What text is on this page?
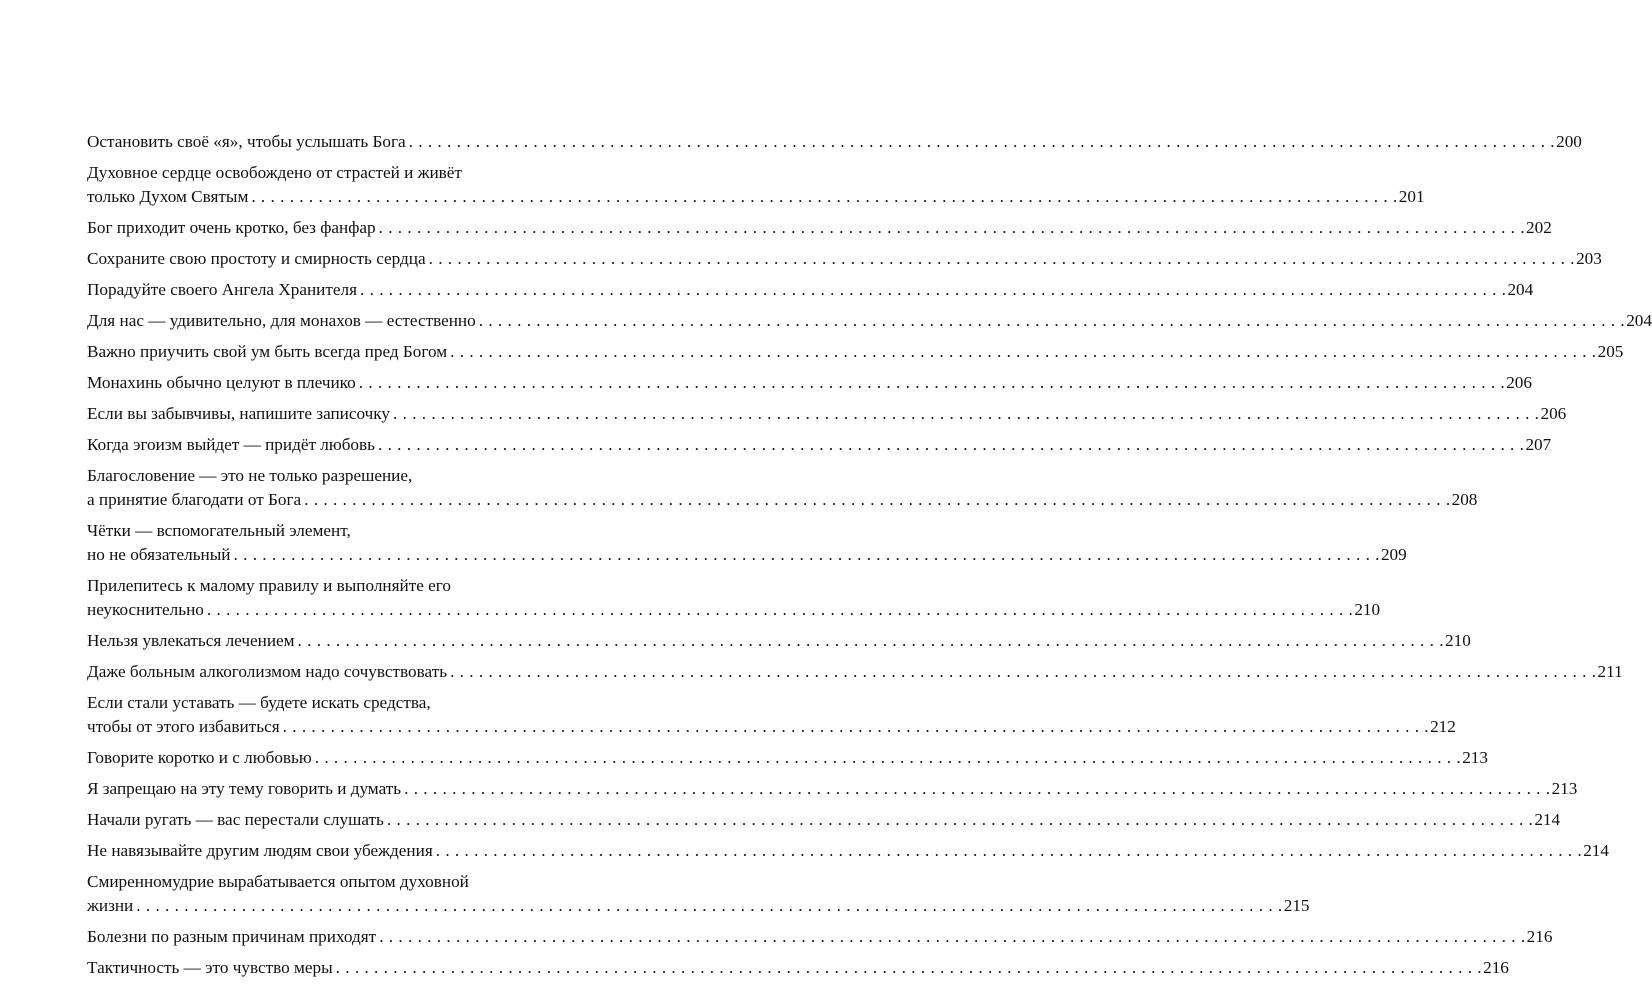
Остановить своё «я», чтобы услышать Бога . . . . . . . . . . . . . . . . . . . . . . . . . . . . . . . . . . . . . . . . . . . . . . . . . . . . . . . . . . . . . . . . . . . . . . . . . . . . . . . . . . . . . . . . . . . . . . . . . . . . . . . . . . . . . . . . . . . . . . . . 200
Духовное сердце освобождено от страстей и живёт
только Духом Святым . . . . . . . . . . . . . . . . . . . . . . . . . . . . . . . . . . . . . . . . . . . . . . . . . . . . . . . . . . . . . . . . . . . . . . . . . . . . . . . . . . . . . . . . . . . . . . . . . . . . . . . . . . . . . . . . . . . . . . . . 201
Бог приходит очень кротко, без фанфар . . . . . . . . . . . . . . . . . . . . . . . . . . . . . . . . . . . . . . . . . . . . . . . . . . . . . . . . . . . . . . . . . . . . . . . . . . . . . . . . . . . . . . . . . . . . . . . . . . . . . . . . . . . . . . . . . . . . . . . . 202
Сохраните свою простоту и смирность сердца . . . . . . . . . . . . . . . . . . . . . . . . . . . . . . . . . . . . . . . . . . . . . . . . . . . . . . . . . . . . . . . . . . . . . . . . . . . . . . . . . . . . . . . . . . . . . . . . . . . . . . . . . . . . . . . . . . . . . . . . 203
Порадуйте своего Ангела Хранителя . . . . . . . . . . . . . . . . . . . . . . . . . . . . . . . . . . . . . . . . . . . . . . . . . . . . . . . . . . . . . . . . . . . . . . . . . . . . . . . . . . . . . . . . . . . . . . . . . . . . . . . . . . . . . . . . . . . . . . . . 204
Для нас — удивительно, для монахов — естественно . . . . . . . . . . . . . . . . . . . . . . . . . . . . . . . . . . . . . . . . . . . . . . . . . . . . . . . . . . . . . . . . . . . . . . . . . . . . . . . . . . . . . . . . . . . . . . . . . . . . . . . . . . . . . . . . . . . . . . . . 204
Важно приучить свой ум быть всегда пред Богом . . . . . . . . . . . . . . . . . . . . . . . . . . . . . . . . . . . . . . . . . . . . . . . . . . . . . . . . . . . . . . . . . . . . . . . . . . . . . . . . . . . . . . . . . . . . . . . . . . . . . . . . . . . . . . . . . . . . . . . . 205
Монахинь обычно целуют в плечико . . . . . . . . . . . . . . . . . . . . . . . . . . . . . . . . . . . . . . . . . . . . . . . . . . . . . . . . . . . . . . . . . . . . . . . . . . . . . . . . . . . . . . . . . . . . . . . . . . . . . . . . . . . . . . . . . . . . . . . . 206
Если вы забывчивы, напишите записочку . . . . . . . . . . . . . . . . . . . . . . . . . . . . . . . . . . . . . . . . . . . . . . . . . . . . . . . . . . . . . . . . . . . . . . . . . . . . . . . . . . . . . . . . . . . . . . . . . . . . . . . . . . . . . . . . . . . . . . . . 206
Когда эгоизм выйдет — придёт любовь . . . . . . . . . . . . . . . . . . . . . . . . . . . . . . . . . . . . . . . . . . . . . . . . . . . . . . . . . . . . . . . . . . . . . . . . . . . . . . . . . . . . . . . . . . . . . . . . . . . . . . . . . . . . . . . . . . . . . . . . 207
Благословение — это не только разрешение,
а принятие благодати от Бога . . . . . . . . . . . . . . . . . . . . . . . . . . . . . . . . . . . . . . . . . . . . . . . . . . . . . . . . . . . . . . . . . . . . . . . . . . . . . . . . . . . . . . . . . . . . . . . . . . . . . . . . . . . . . . . . . . . . . . . . 208
Чётки — вспомогательный элемент,
но не обязательный . . . . . . . . . . . . . . . . . . . . . . . . . . . . . . . . . . . . . . . . . . . . . . . . . . . . . . . . . . . . . . . . . . . . . . . . . . . . . . . . . . . . . . . . . . . . . . . . . . . . . . . . . . . . . . . . . . . . . . . . 209
Прилепитесь к малому правилу и выполняйте его
неукоснительно . . . . . . . . . . . . . . . . . . . . . . . . . . . . . . . . . . . . . . . . . . . . . . . . . . . . . . . . . . . . . . . . . . . . . . . . . . . . . . . . . . . . . . . . . . . . . . . . . . . . . . . . . . . . . . . . . . . . . . . . 210
Нельзя увлекаться лечением . . . . . . . . . . . . . . . . . . . . . . . . . . . . . . . . . . . . . . . . . . . . . . . . . . . . . . . . . . . . . . . . . . . . . . . . . . . . . . . . . . . . . . . . . . . . . . . . . . . . . . . . . . . . . . . . . . . . . . . . 210
Даже больным алкоголизмом надо сочувствовать . . . . . . . . . . . . . . . . . . . . . . . . . . . . . . . . . . . . . . . . . . . . . . . . . . . . . . . . . . . . . . . . . . . . . . . . . . . . . . . . . . . . . . . . . . . . . . . . . . . . . . . . . . . . . . . . . . . . . . . . 211
Если стали уставать — будете искать средства,
чтобы от этого избавиться . . . . . . . . . . . . . . . . . . . . . . . . . . . . . . . . . . . . . . . . . . . . . . . . . . . . . . . . . . . . . . . . . . . . . . . . . . . . . . . . . . . . . . . . . . . . . . . . . . . . . . . . . . . . . . . . . . . . . . . . 212
Говорите коротко и с любовью . . . . . . . . . . . . . . . . . . . . . . . . . . . . . . . . . . . . . . . . . . . . . . . . . . . . . . . . . . . . . . . . . . . . . . . . . . . . . . . . . . . . . . . . . . . . . . . . . . . . . . . . . . . . . . . . . . . . . . . . 213
Я запрещаю на эту тему говорить и думать . . . . . . . . . . . . . . . . . . . . . . . . . . . . . . . . . . . . . . . . . . . . . . . . . . . . . . . . . . . . . . . . . . . . . . . . . . . . . . . . . . . . . . . . . . . . . . . . . . . . . . . . . . . . . . . . . . . . . . . . 213
Начали ругать — вас перестали слушать . . . . . . . . . . . . . . . . . . . . . . . . . . . . . . . . . . . . . . . . . . . . . . . . . . . . . . . . . . . . . . . . . . . . . . . . . . . . . . . . . . . . . . . . . . . . . . . . . . . . . . . . . . . . . . . . . . . . . . . . 214
Не навязывайте другим людям свои убеждения . . . . . . . . . . . . . . . . . . . . . . . . . . . . . . . . . . . . . . . . . . . . . . . . . . . . . . . . . . . . . . . . . . . . . . . . . . . . . . . . . . . . . . . . . . . . . . . . . . . . . . . . . . . . . . . . . . . . . . . . 214
Смиренномудрие вырабатывается опытом духовной
жизни . . . . . . . . . . . . . . . . . . . . . . . . . . . . . . . . . . . . . . . . . . . . . . . . . . . . . . . . . . . . . . . . . . . . . . . . . . . . . . . . . . . . . . . . . . . . . . . . . . . . . . . . . . . . . . . . . . . . . . . . 215
Болезни по разным причинам приходят . . . . . . . . . . . . . . . . . . . . . . . . . . . . . . . . . . . . . . . . . . . . . . . . . . . . . . . . . . . . . . . . . . . . . . . . . . . . . . . . . . . . . . . . . . . . . . . . . . . . . . . . . . . . . . . . . . . . . . . . 216
Тактичность — это чувство меры . . . . . . . . . . . . . . . . . . . . . . . . . . . . . . . . . . . . . . . . . . . . . . . . . . . . . . . . . . . . . . . . . . . . . . . . . . . . . . . . . . . . . . . . . . . . . . . . . . . . . . . . . . . . . . . . . . . . . . . . 216
